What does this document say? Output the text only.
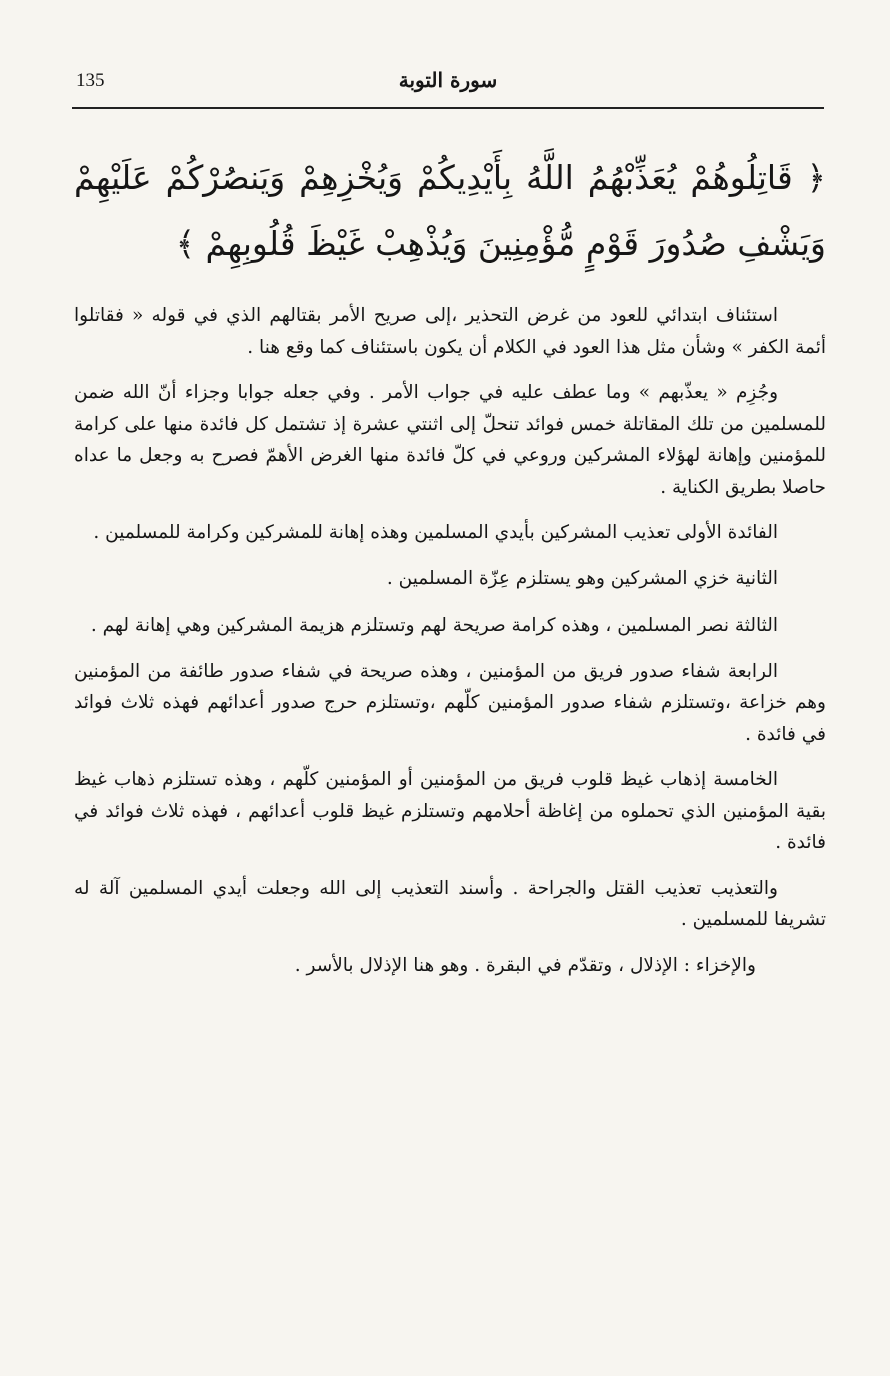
135	سورة التوبة
﴿ قَاتِلُوهُمْ يُعَذِّبْهُمُ اللَّهُ بِأَيْدِيكُمْ وَيُخْزِهِمْ وَيَنصُرْكُمْ عَلَيْهِمْ وَيَشْفِ صُدُورَ قَوْمٍ مُّؤْمِنِينَ وَيُذْهِبْ غَيْظَ قُلُوبِهِمْ ﴾

استئناف ابتدائي للعود من غرض التحذير ،إلى صريح الأمر بقتالهم الذي في قوله « فقاتلوا أئمة الكفر » وشأن مثل هذا العود في الكلام أن يكون باستئناف كما وقع هنا .

وجُزِم « يعذّبهم » وما عطف عليه في جواب الأمر . وفي جعله جوابا وجزاء أنّ الله ضمن للمسلمين من تلك المقاتلة خمس فوائد تنحلّ إلى اثنتي عشرة إذ تشتمل كل فائدة منها على كرامة للمؤمنين وإهانة لهؤلاء المشركين وروعي في كلّ فائدة منها الغرض الأهمّ فصرح به وجعل ما عداه حاصلا بطريق الكناية .

الفائدة الأولى تعذيب المشركين بأيدي المسلمين وهذه إهانة للمشركين وكرامة للمسلمين .

الثانية خزي المشركين وهو يستلزم عِزّة المسلمين .

الثالثة نصر المسلمين ، وهذه كرامة صريحة لهم وتستلزم هزيمة المشركين وهي إهانة لهم .

الرابعة شفاء صدور فريق من المؤمنين ، وهذه صريحة في شفاء صدور طائفة من المؤمنين وهم خزاعة ،وتستلزم شفاء صدور المؤمنين كلّهم ،وتستلزم حرج صدور أعدائهم فهذه ثلاث فوائد في فائدة .

الخامسة إذهاب غيظ قلوب فريق من المؤمنين أو المؤمنين كلّهم ، وهذه تستلزم ذهاب غيظ بقية المؤمنين الذي تحملوه من إغاظة أحلامهم وتستلزم غيظ قلوب أعدائهم ، فهذه ثلاث فوائد في فائدة .

والتعذيب تعذيب القتل والجراحة . وأسند التعذيب إلى الله وجعلت أيدي المسلمين آلة له تشريفا للمسلمين .

والإخزاء : الإذلال ، وتقدّم في البقرة . وهو هنا الإذلال بالأسر .
